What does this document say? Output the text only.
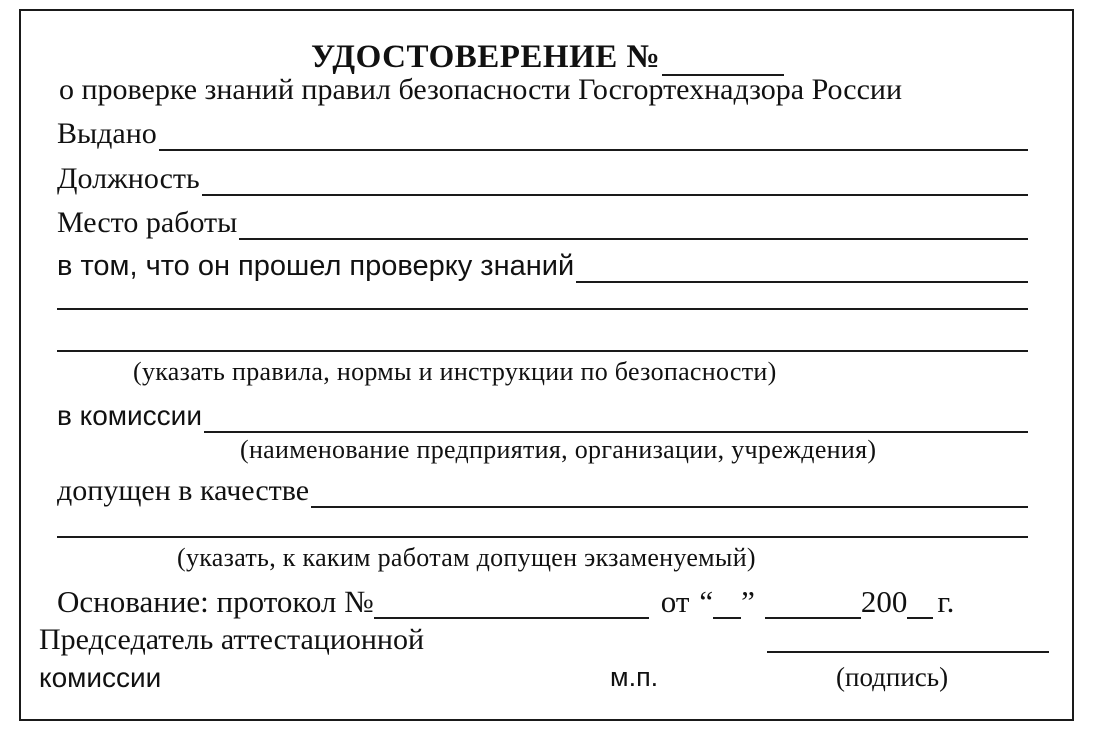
УДОСТОВЕРЕНИЕ №
о проверке знаний правил безопасности Госгортехнадзора России
Выдано
Должность
Место работы
в том, что он прошел проверку знаний
(указать правила, нормы и инструкции по безопасности)
в комиссии
(наименование предприятия, организации, учреждения)
допущен в качестве
(указать, к каким работам допущен экзаменуемый)
Основание: протокол №	от “ ”	200 г.
Председатель аттестационной
комиссии	м.п.	(подпись)
